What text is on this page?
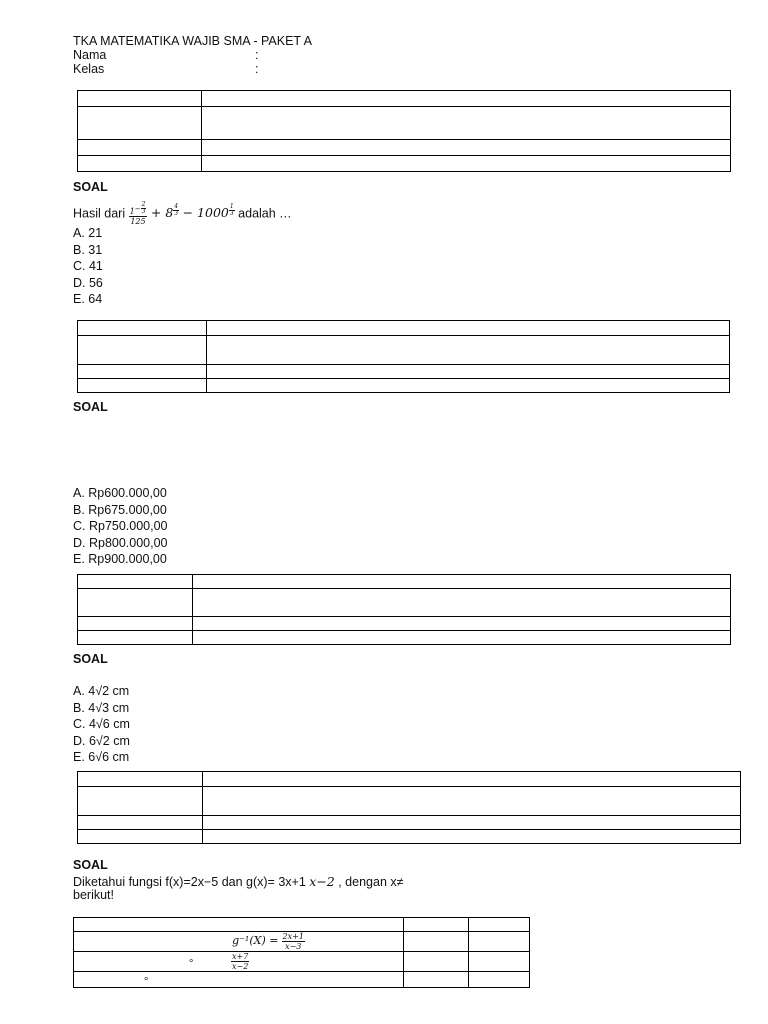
TKA MATEMATIKA WAJIB SMA - PAKET A
Nama	:
Kelas	:

SOAL
Hasil dari $1^{- \frac{2}{3}}$
125 + 8 $^{\frac{4}{3}}$ − 1000 $^{\frac{1}{3}}$ adalah …
A. 21
B. 31
C. 41
D. 56
E. 64

SOAL
A. Rp600.000,00
B. Rp675.000,00
C. Rp750.000,00
D. Rp800.000,00
E. Rp900.000,00

SOAL
A. 4√2 cm
B. 4√3 cm
C. 4√6 cm
D. 6√2 cm
E. 6√6 cm

SOAL
Diketahui fungsi f(x)=2x−5 dan g(x)= 3x+1 x−2 , dengan x≠
berikut!

$g^{-1}(X) = \frac{2x+1}{x-3}$

∘ $\frac{x+7}{x-2}$

∘		
